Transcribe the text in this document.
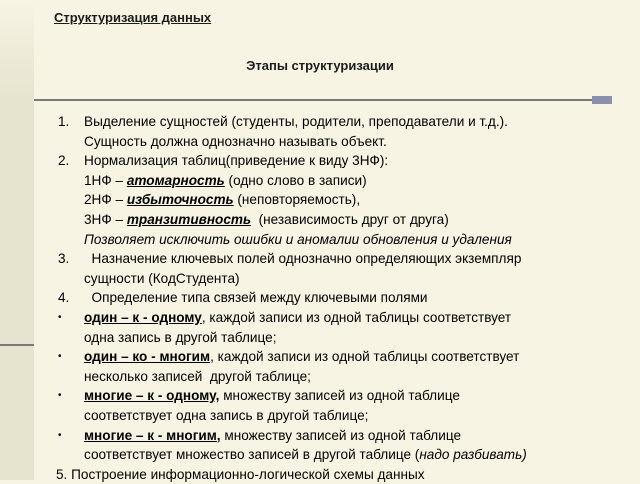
Структуризация данных
Этапы структуризации
1. Выделение сущностей (студенты, родители, преподаватели и т.д.).
Сущность должна однозначно называть объект.
2. Нормализация таблиц(приведение к виду 3НФ):
1НФ – атомарность (одно слово в записи)
2НФ – избыточность (неповторяемость),
3НФ – транзитивность  (независимость друг от друга)
Позволяет исключить ошибки и аномалии обновления и удаления
3. Назначение ключевых полей однозначно определяющих экземпляр
сущности (КодСтудента)
4. Определение типа связей между ключевыми полями
• один – к - одному, каждой записи из одной таблицы соответствует
одна запись в другой таблице;
• один – ко - многим, каждой записи из одной таблицы соответствует
несколько записей  другой таблице;
• многие – к - одному, множеству записей из одной таблице
соответствует одна запись в другой таблице;
• многие – к - многим, множеству записей из одной таблице
соответствует множество записей в другой таблице (надо разбивать)
5. Построение информационно-логической схемы данных
